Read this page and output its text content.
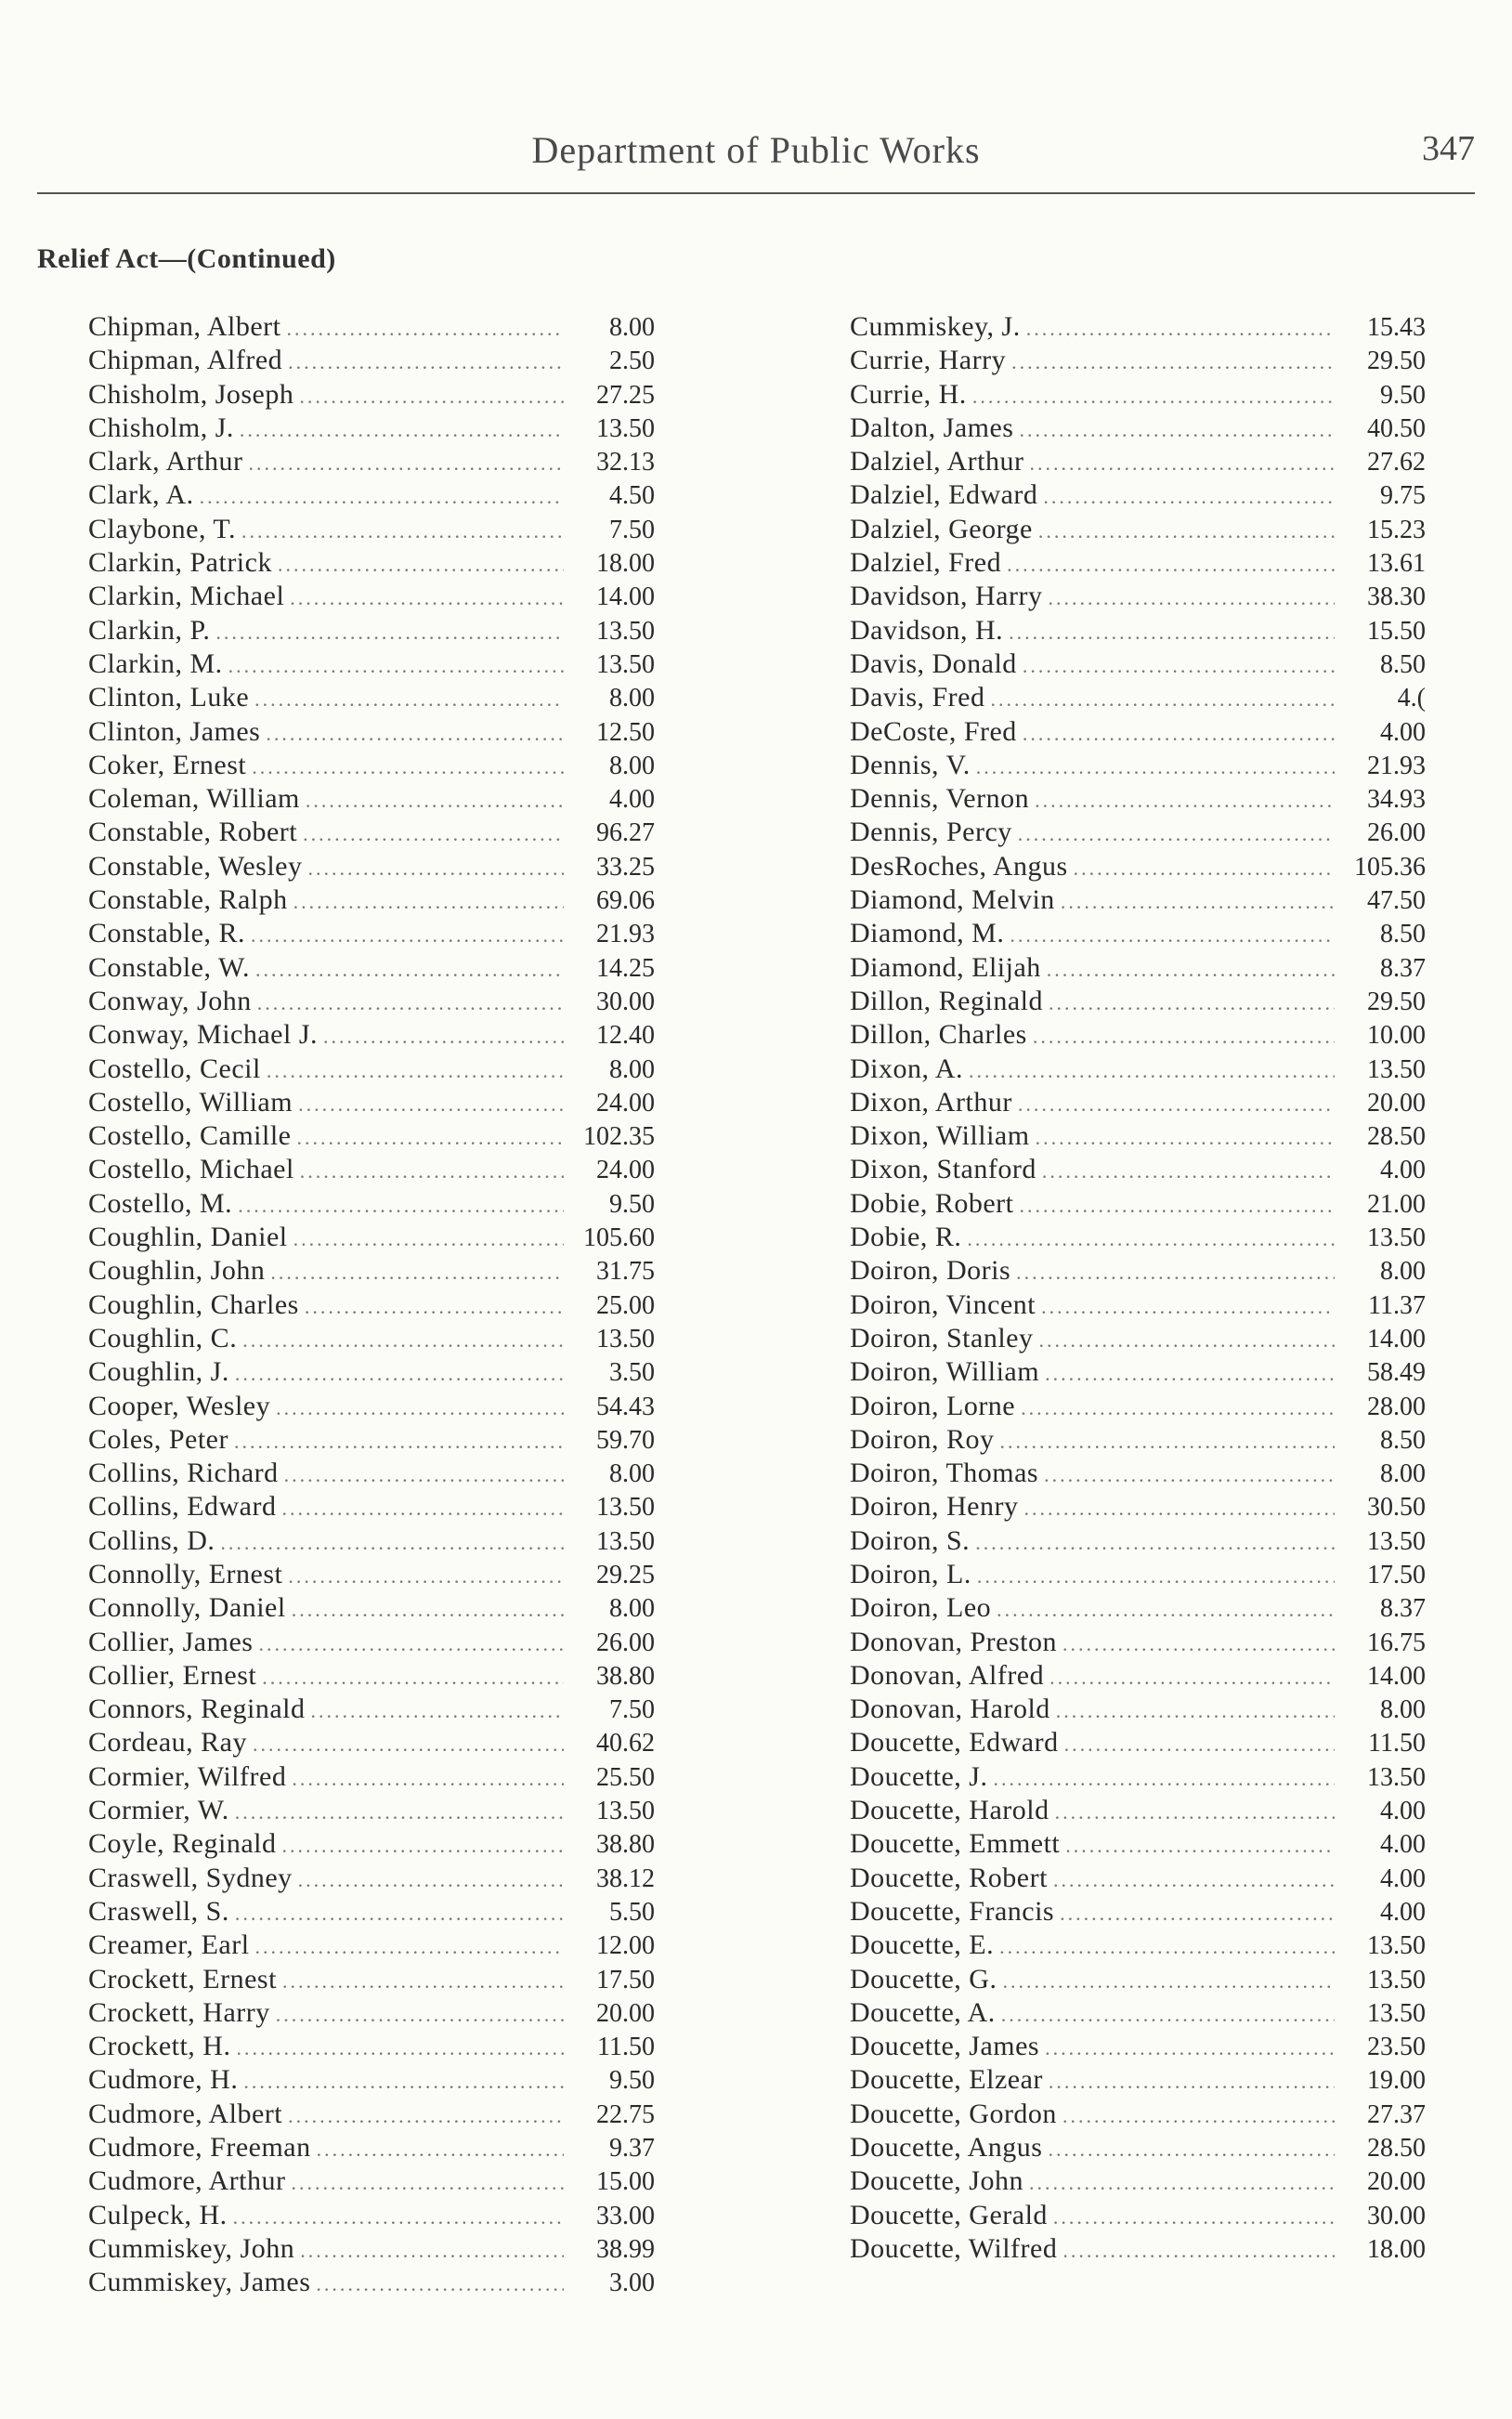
Department of Public Works	347
Relief Act—(Continued)
Chipman, Albert .....	8.00
Chipman, Alfred .....	2.50
Chisholm, Joseph .....	27.25
Chisholm, J. .....	13.50
Clark, Arthur .....	32.13
Clark, A. .....	4.50
Claybone, T. .....	7.50
Clarkin, Patrick .....	18.00
Clarkin, Michael .....	14.00
Clarkin, P. .....	13.50
Clarkin, M. .....	13.50
Clinton, Luke .....	8.00
Clinton, James .....	12.50
Coker, Ernest .....	8.00
Coleman, William .....	4.00
Constable, Robert .....	96.27
Constable, Wesley .....	33.25
Constable, Ralph .....	69.06
Constable, R. .....	21.93
Constable, W. .....	14.25
Conway, John .....	30.00
Conway, Michael J. .....	12.40
Costello, Cecil .....	8.00
Costello, William .....	24.00
Costello, Camille .....	102.35
Costello, Michael .....	24.00
Costello, M. .....	9.50
Coughlin, Daniel .....	105.60
Coughlin, John .....	31.75
Coughlin, Charles .....	25.00
Coughlin, C. .....	13.50
Coughlin, J. .....	3.50
Cooper, Wesley .....	54.43
Coles, Peter .....	59.70
Collins, Richard .....	8.00
Collins, Edward .....	13.50
Collins, D. .....	13.50
Connolly, Ernest .....	29.25
Connolly, Daniel .....	8.00
Collier, James .....	26.00
Collier, Ernest .....	38.80
Connors, Reginald .....	7.50
Cordeau, Ray .....	40.62
Cormier, Wilfred .....	25.50
Cormier, W. .....	13.50
Coyle, Reginald .....	38.80
Craswell, Sydney .....	38.12
Craswell, S. .....	5.50
Creamer, Earl .....	12.00
Crockett, Ernest .....	17.50
Crockett, Harry .....	20.00
Crockett, H. .....	11.50
Cudmore, H. .....	9.50
Cudmore, Albert .....	22.75
Cudmore, Freeman .....	9.37
Cudmore, Arthur .....	15.00
Culpeck, H. .....	33.00
Cummiskey, John .....	38.99
Cummiskey, James .....	3.00
Cummiskey, J. .....	15.43
Currie, Harry .....	29.50
Currie, H. .....	9.50
Dalton, James .....	40.50
Dalziel, Arthur .....	27.62
Dalziel, Edward .....	9.75
Dalziel, George .....	15.23
Dalziel, Fred .....	13.61
Davidson, Harry .....	38.30
Davidson, H. .....	15.50
Davis, Donald .....	8.50
Davis, Fred .....	4.(
DeCoste, Fred .....	4.00
Dennis, V. .....	21.93
Dennis, Vernon .....	34.93
Dennis, Percy .....	26.00
DesRoches, Angus .....	105.36
Diamond, Melvin .....	47.50
Diamond, M. .....	8.50
Diamond, Elijah .....	8.37
Dillon, Reginald .....	29.50
Dillon, Charles .....	10.00
Dixon, A. .....	13.50
Dixon, Arthur .....	20.00
Dixon, William .....	28.50
Dixon, Stanford .....	4.00
Dobie, Robert .....	21.00
Dobie, R. .....	13.50
Doiron, Doris .....	8.00
Doiron, Vincent .....	11.37
Doiron, Stanley .....	14.00
Doiron, William .....	58.49
Doiron, Lorne .....	28.00
Doiron, Roy .....	8.50
Doiron, Thomas .....	8.00
Doiron, Henry .....	30.50
Doiron, S. .....	13.50
Doiron, L. .....	17.50
Doiron, Leo .....	8.37
Donovan, Preston .....	16.75
Donovan, Alfred .....	14.00
Donovan, Harold .....	8.00
Doucette, Edward .....	11.50
Doucette, J. .....	13.50
Doucette, Harold .....	4.00
Doucette, Emmett .....	4.00
Doucette, Robert .....	4.00
Doucette, Francis .....	4.00
Doucette, E. .....	13.50
Doucette, G. .....	13.50
Doucette, A. .....	13.50
Doucette, James .....	23.50
Doucette, Elzear .....	19.00
Doucette, Gordon .....	27.37
Doucette, Angus .....	28.50
Doucette, John .....	20.00
Doucette, Gerald .....	30.00
Doucette, Wilfred .....	18.00
